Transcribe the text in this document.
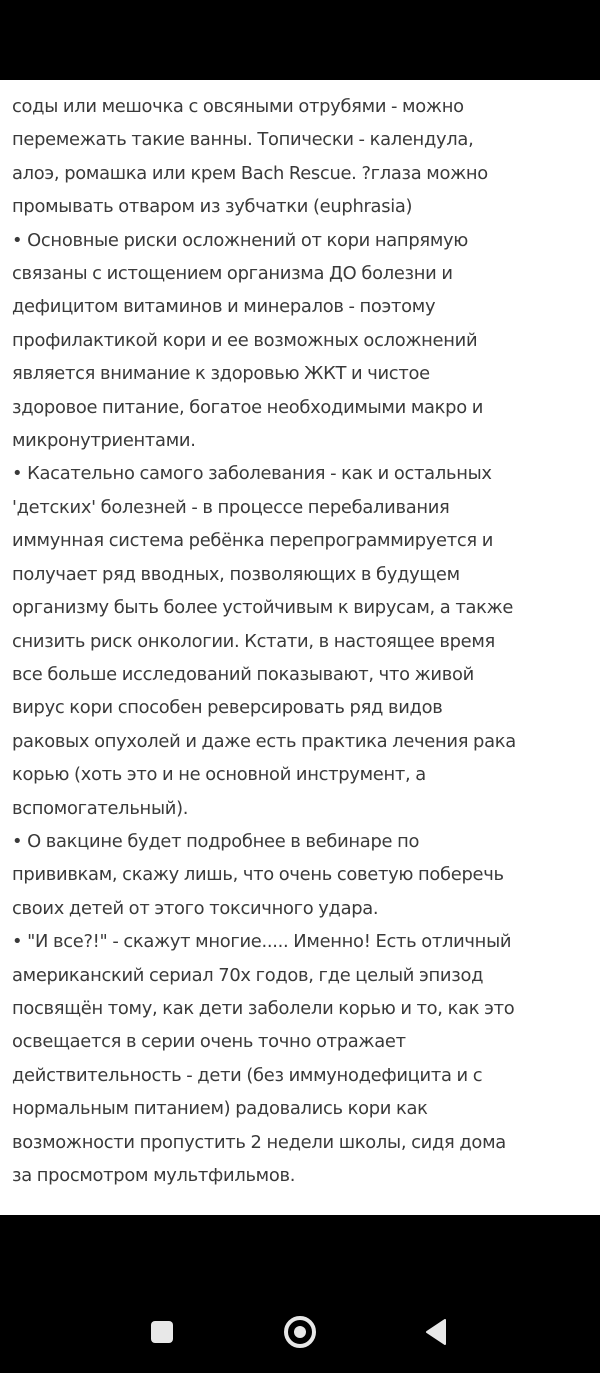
соды или мешочка с овсяными отрубями - можно
перемежать такие ванны. Топически - календула,
алоэ, ромашка или крем Bach Rescue. ?глаза можно
промывать отваром из зубчатки (euphrasia)
• Основные риски осложнений от кори напрямую
связаны с истощением организма ДО болезни и
дефицитом витаминов и минералов - поэтому
профилактикой кори и ее возможных осложнений
является внимание к здоровью ЖКТ и чистое
здоровое питание, богатое необходимыми макро и
микронутриентами.
• Касательно самого заболевания - как и остальных
'детских' болезней - в процессе перебаливания
иммунная система ребёнка перепрограммируется и
получает ряд вводных, позволяющих в будущем
организму быть более устойчивым к вирусам, а также
снизить риск онкологии. Кстати, в настоящее время
все больше исследований показывают, что живой
вирус кори способен реверсировать ряд видов
раковых опухолей и даже есть практика лечения рака
корью (хоть это и не основной инструмент, а
вспомогательный).
• О вакцине будет подробнее в вебинаре по
прививкам, скажу лишь, что очень советую поберечь
своих детей от этого токсичного удара.
• "И все?!" - скажут многие..... Именно! Есть отличный
американский сериал 70х годов, где целый эпизод
посвящён тому, как дети заболели корью и то, как это
освещается в серии очень точно отражает
действительность - дети (без иммунодефицита и с
нормальным питанием) радовались кори как
возможности пропустить 2 недели школы, сидя дома
за просмотром мультфильмов.
